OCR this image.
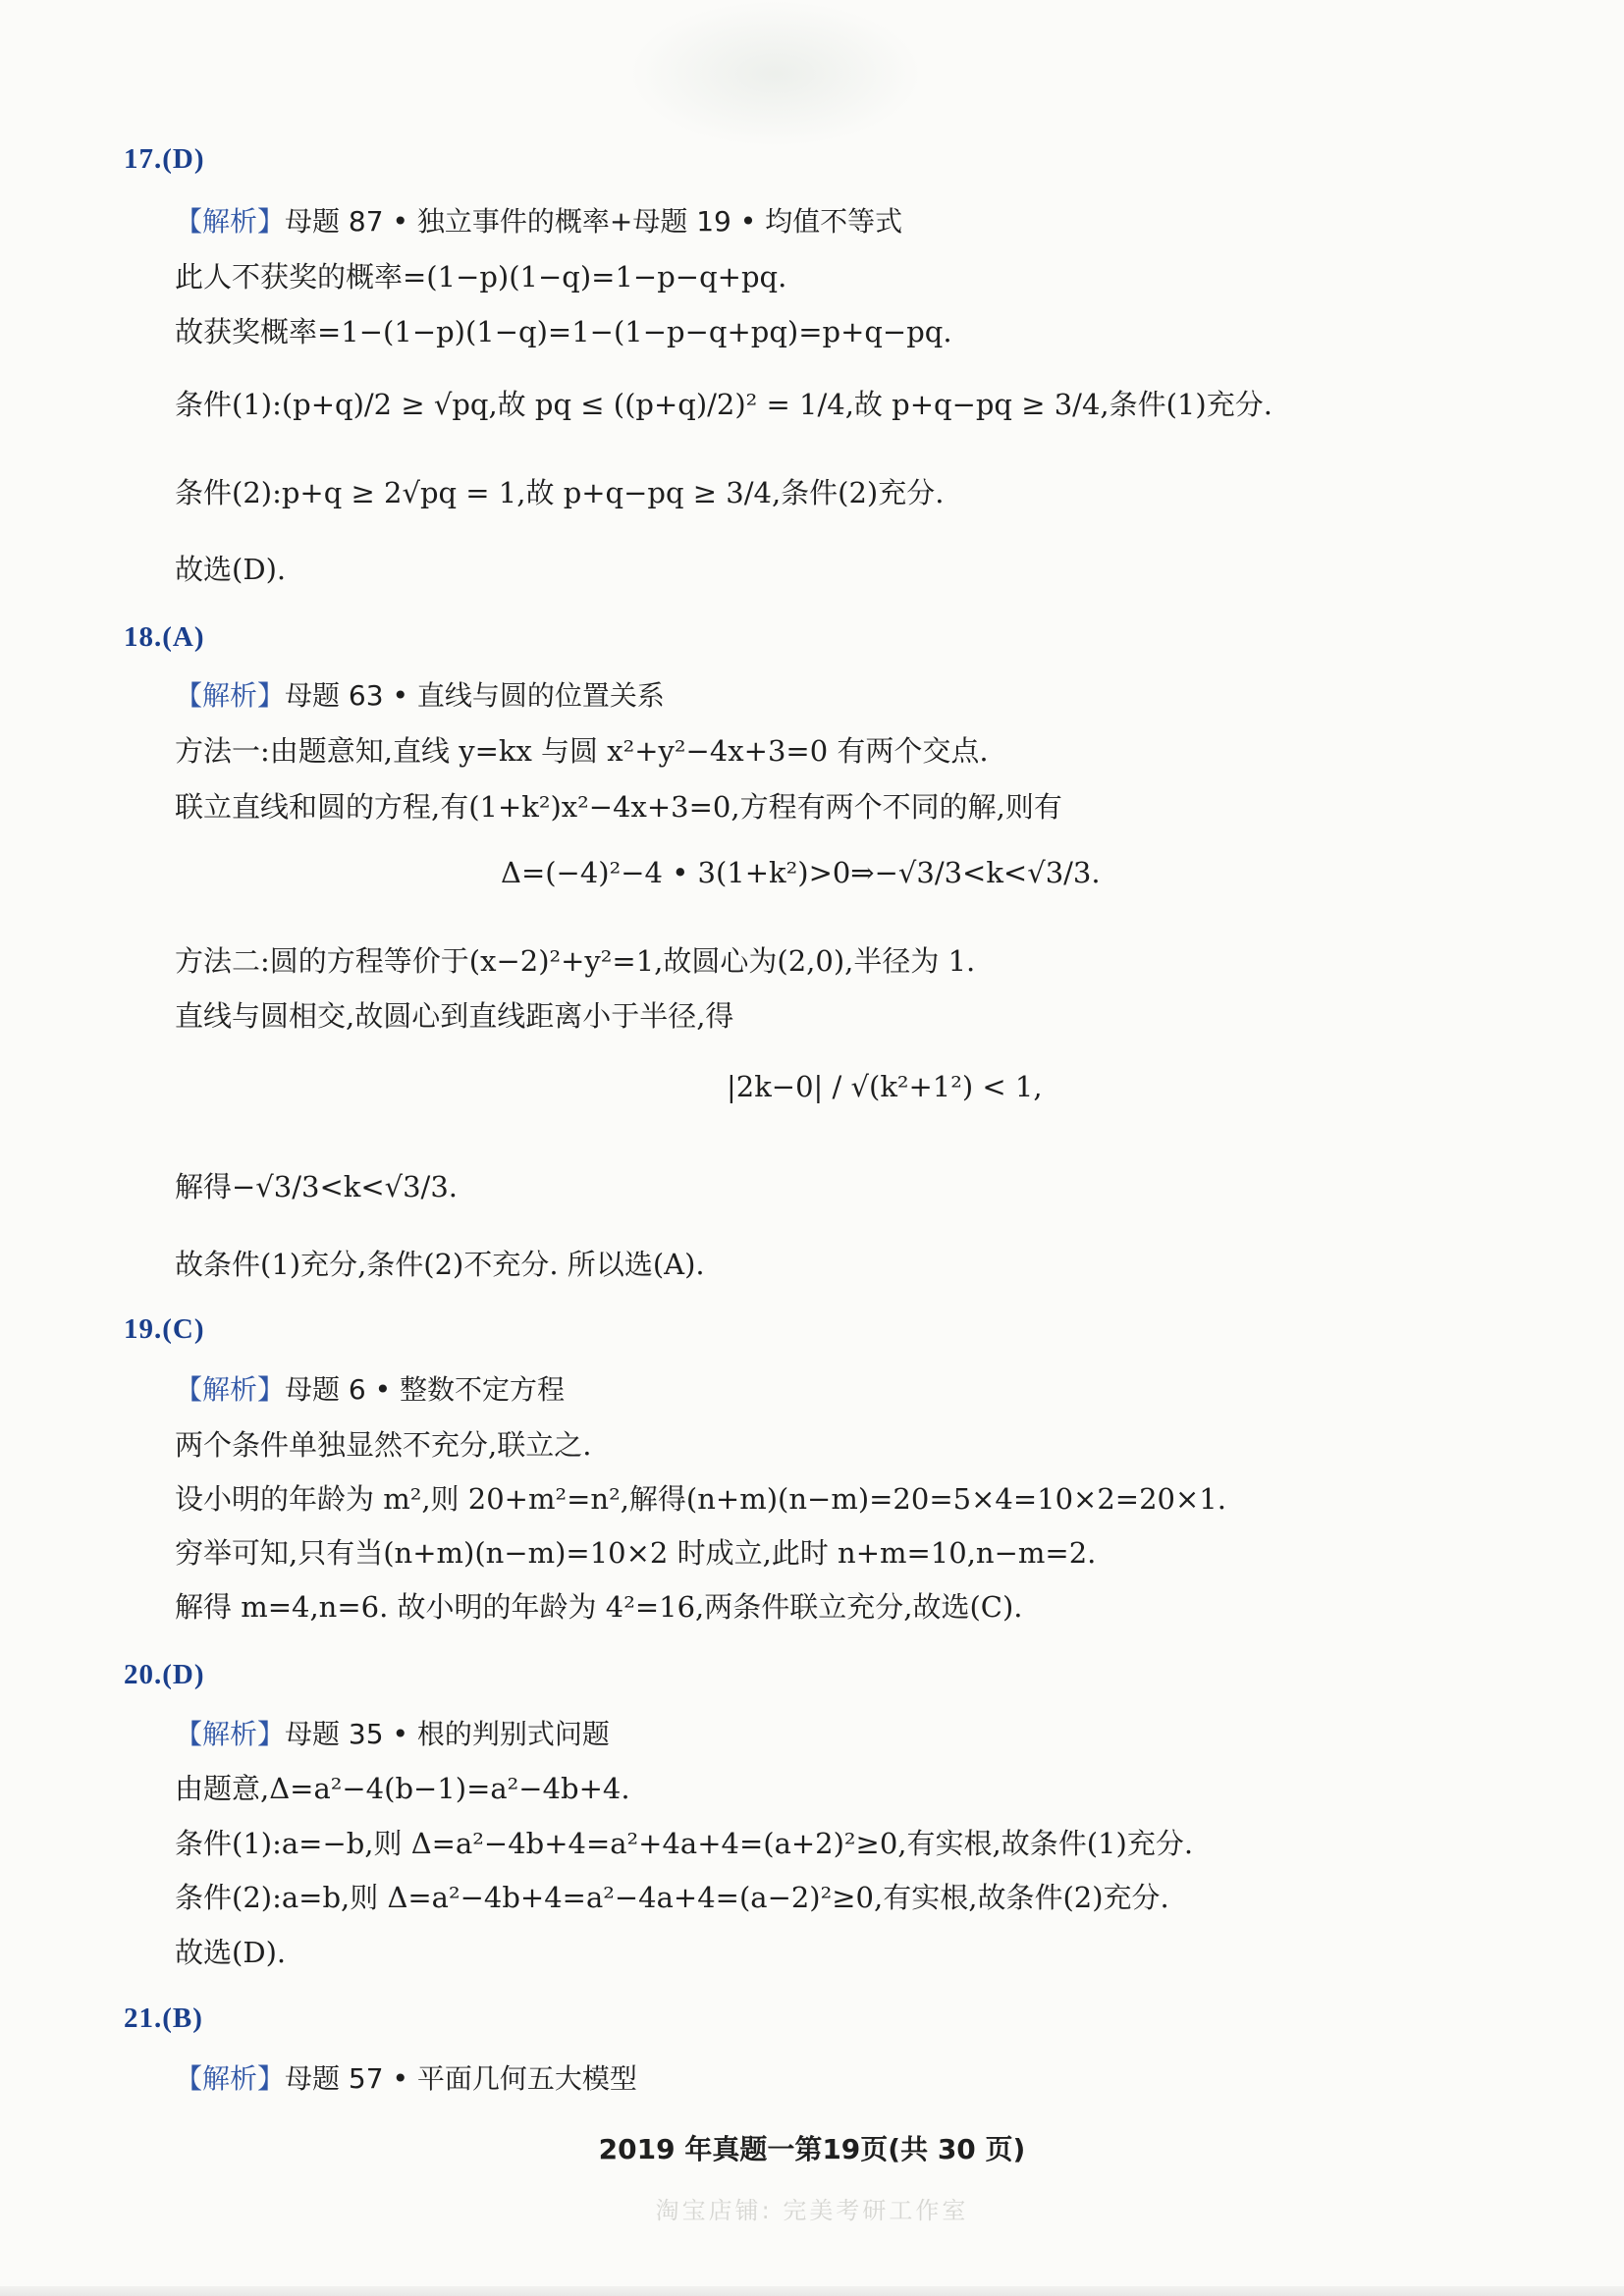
17.(D)
【解析】母题 87 • 独立事件的概率+母题 19 • 均值不等式
此人不获奖的概率=(1−p)(1−q)=1−p−q+pq.
故获奖概率=1−(1−p)(1−q)=1−(1−p−q+pq)=p+q−pq.
条件(1):(p+q)/2 ≥ √pq,故 pq ≤ ((p+q)/2)² = 1/4,故 p+q−pq ≥ 3/4,条件(1)充分.
条件(2):p+q ≥ 2√pq = 1,故 p+q−pq ≥ 3/4,条件(2)充分.
故选(D).
18.(A)
【解析】母题 63 • 直线与圆的位置关系
方法一:由题意知,直线 y=kx 与圆 x²+y²−4x+3=0 有两个交点.
联立直线和圆的方程,有(1+k²)x²−4x+3=0,方程有两个不同的解,则有
Δ=(−4)²−4 • 3(1+k²)>0⇒−√3/3<k<√3/3.
方法二:圆的方程等价于(x−2)²+y²=1,故圆心为(2,0),半径为 1.
直线与圆相交,故圆心到直线距离小于半径,得
|2k−0| / √(k²+1²) < 1,
解得−√3/3<k<√3/3.
故条件(1)充分,条件(2)不充分. 所以选(A).
19.(C)
【解析】母题 6 • 整数不定方程
两个条件单独显然不充分,联立之.
设小明的年龄为 m²,则 20+m²=n²,解得(n+m)(n−m)=20=5×4=10×2=20×1.
穷举可知,只有当(n+m)(n−m)=10×2 时成立,此时 n+m=10,n−m=2.
解得 m=4,n=6. 故小明的年龄为 4²=16,两条件联立充分,故选(C).
20.(D)
【解析】母题 35 • 根的判别式问题
由题意,Δ=a²−4(b−1)=a²−4b+4.
条件(1):a=−b,则 Δ=a²−4b+4=a²+4a+4=(a+2)²≥0,有实根,故条件(1)充分.
条件(2):a=b,则 Δ=a²−4b+4=a²−4a+4=(a−2)²≥0,有实根,故条件(2)充分.
故选(D).
21.(B)
【解析】母题 57 • 平面几何五大模型
2019 年真题一第19页(共 30 页)
淘宝店铺: 完美考研工作室
